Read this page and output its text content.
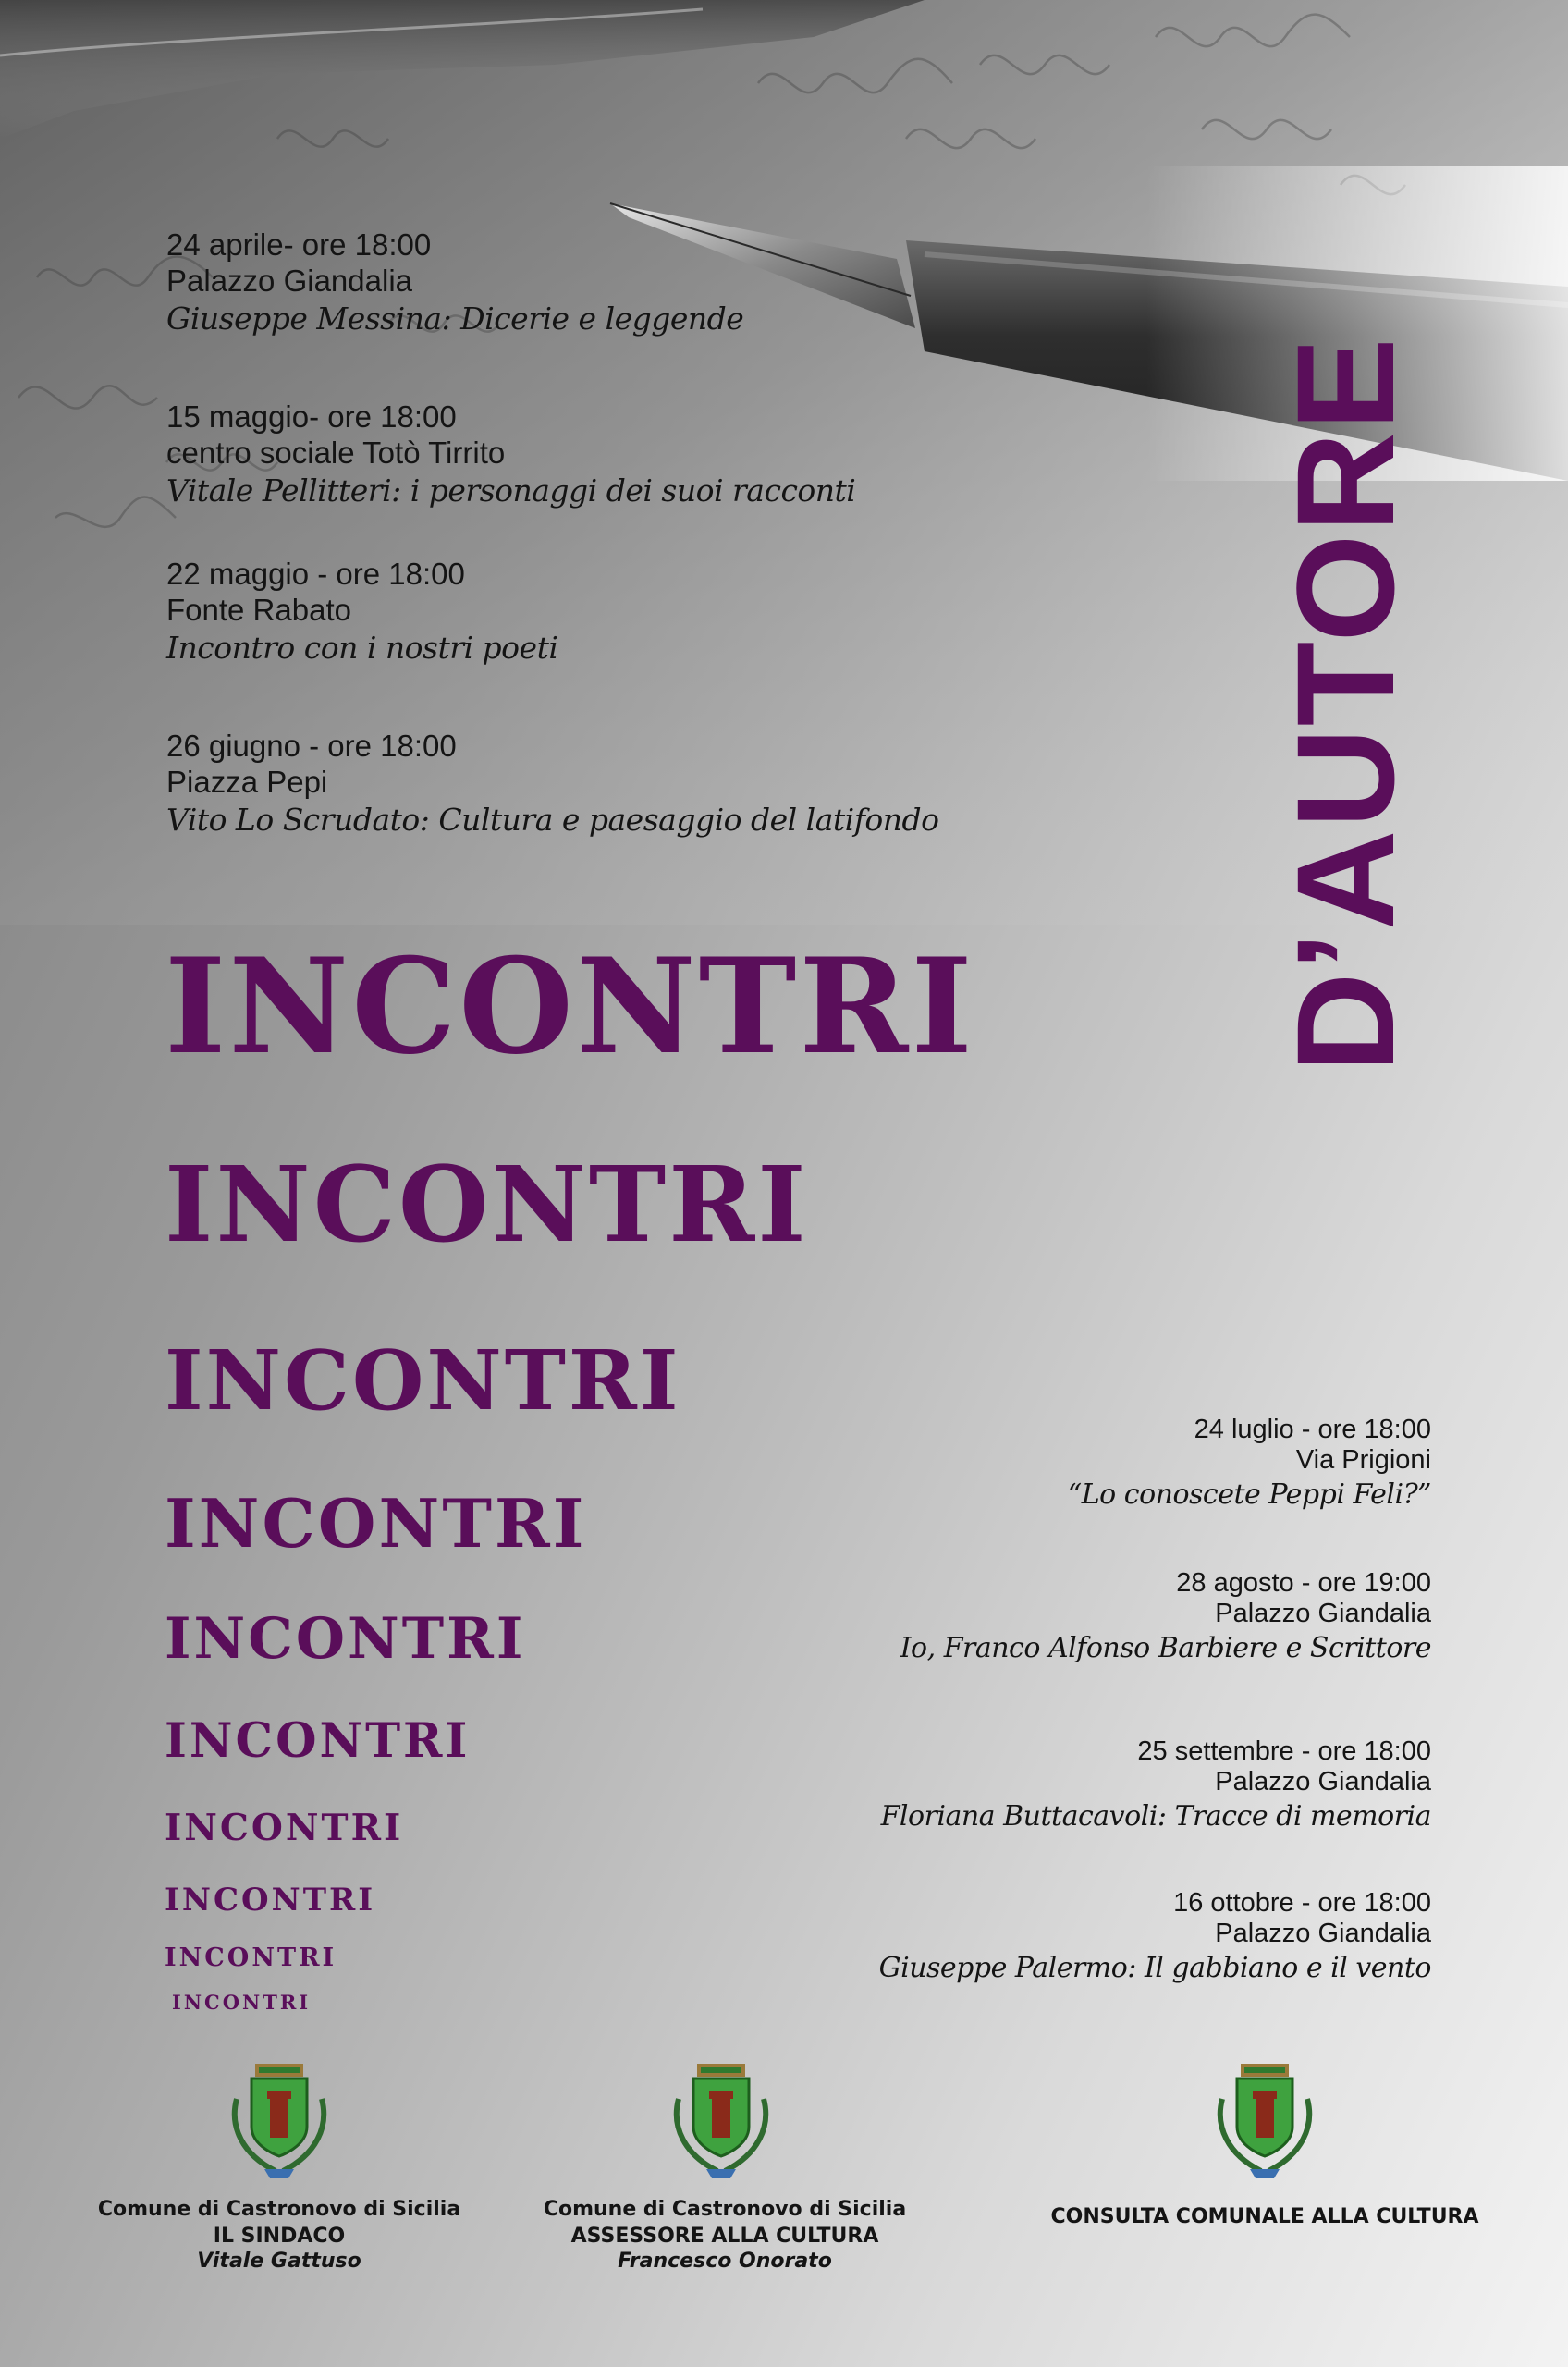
24 aprile- ore 18:00
Palazzo Giandalia
Giuseppe Messina: Dicerie e leggende
15 maggio- ore 18:00
centro sociale Totò Tirrito
Vitale Pellitteri: i personaggi dei suoi racconti
22 maggio - ore 18:00
Fonte Rabato
Incontro con i nostri poeti
26 giugno - ore 18:00
Piazza Pepi
Vito Lo Scrudato: Cultura e paesaggio del latifondo D’AUTORE
INCONTRI
INCONTRI
INCONTRI
INCONTRI
INCONTRI
INCONTRI
INCONTRI
INCONTRI
INCONTRI
INCONTRI
24 luglio - ore 18:00
Via Prigioni
“Lo conoscete Peppi Feli?”
28 agosto - ore 19:00
Palazzo Giandalia
Io, Franco Alfonso Barbiere e Scrittore
25 settembre - ore 18:00
Palazzo Giandalia
Floriana Buttacavoli: Tracce di memoria
16 ottobre - ore 18:00
Palazzo Giandalia
Giuseppe Palermo: Il gabbiano e il vento
Comune di Castronovo di Sicilia
IL SINDACO
Vitale Gattuso
Comune di Castronovo di Sicilia
ASSESSORE ALLA CULTURA
Francesco Onorato
CONSULTA COMUNALE ALLA CULTURA
